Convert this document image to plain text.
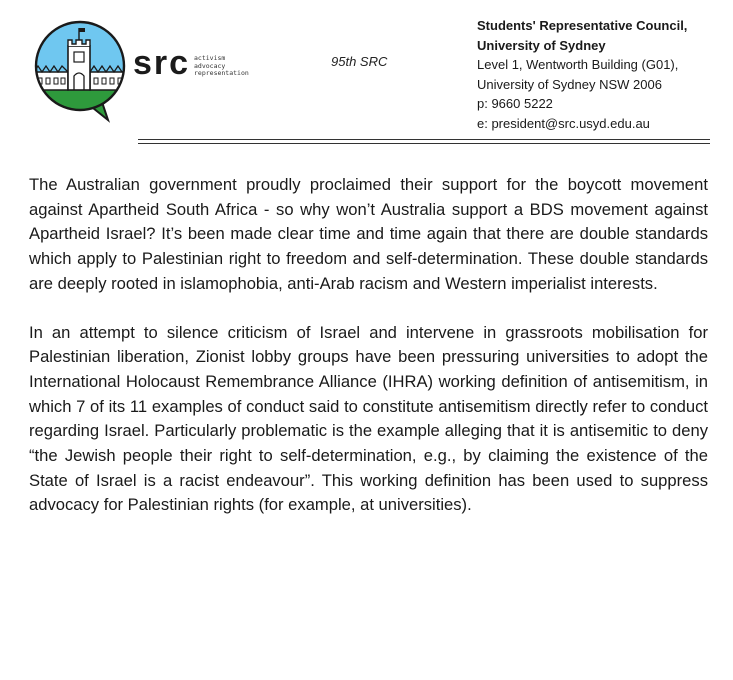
src activism
advocacy
representation
95th SRC
Students' Representative Council,
University of Sydney
Level 1, Wentworth Building (G01),
University of Sydney NSW 2006
p: 9660 5222
e: president@src.usyd.edu.au

The Australian government proudly proclaimed their support for the boycott movement against Apartheid South Africa - so why won’t Australia support a BDS movement against Apartheid Israel? It’s been made clear time and time again that there are double standards which apply to Palestinian right to freedom and self-determination. These double standards are deeply rooted in islamophobia, anti-Arab racism and Western imperialist interests.

In an attempt to silence criticism of Israel and intervene in grassroots mobilisation for Palestinian liberation, Zionist lobby groups have been pressuring universities to adopt the International Holocaust Remembrance Alliance (IHRA) working definition of antisemitism, in which 7 of its 11 examples of conduct said to constitute antisemitism directly refer to conduct regarding Israel. Particularly problematic is the example alleging that it is antisemitic to deny “the Jewish people their right to self-determination, e.g., by claiming the existence of the State of Israel is a racist endeavour”. This working definition has been used to suppress advocacy for Palestinian rights (for example, at universities).
